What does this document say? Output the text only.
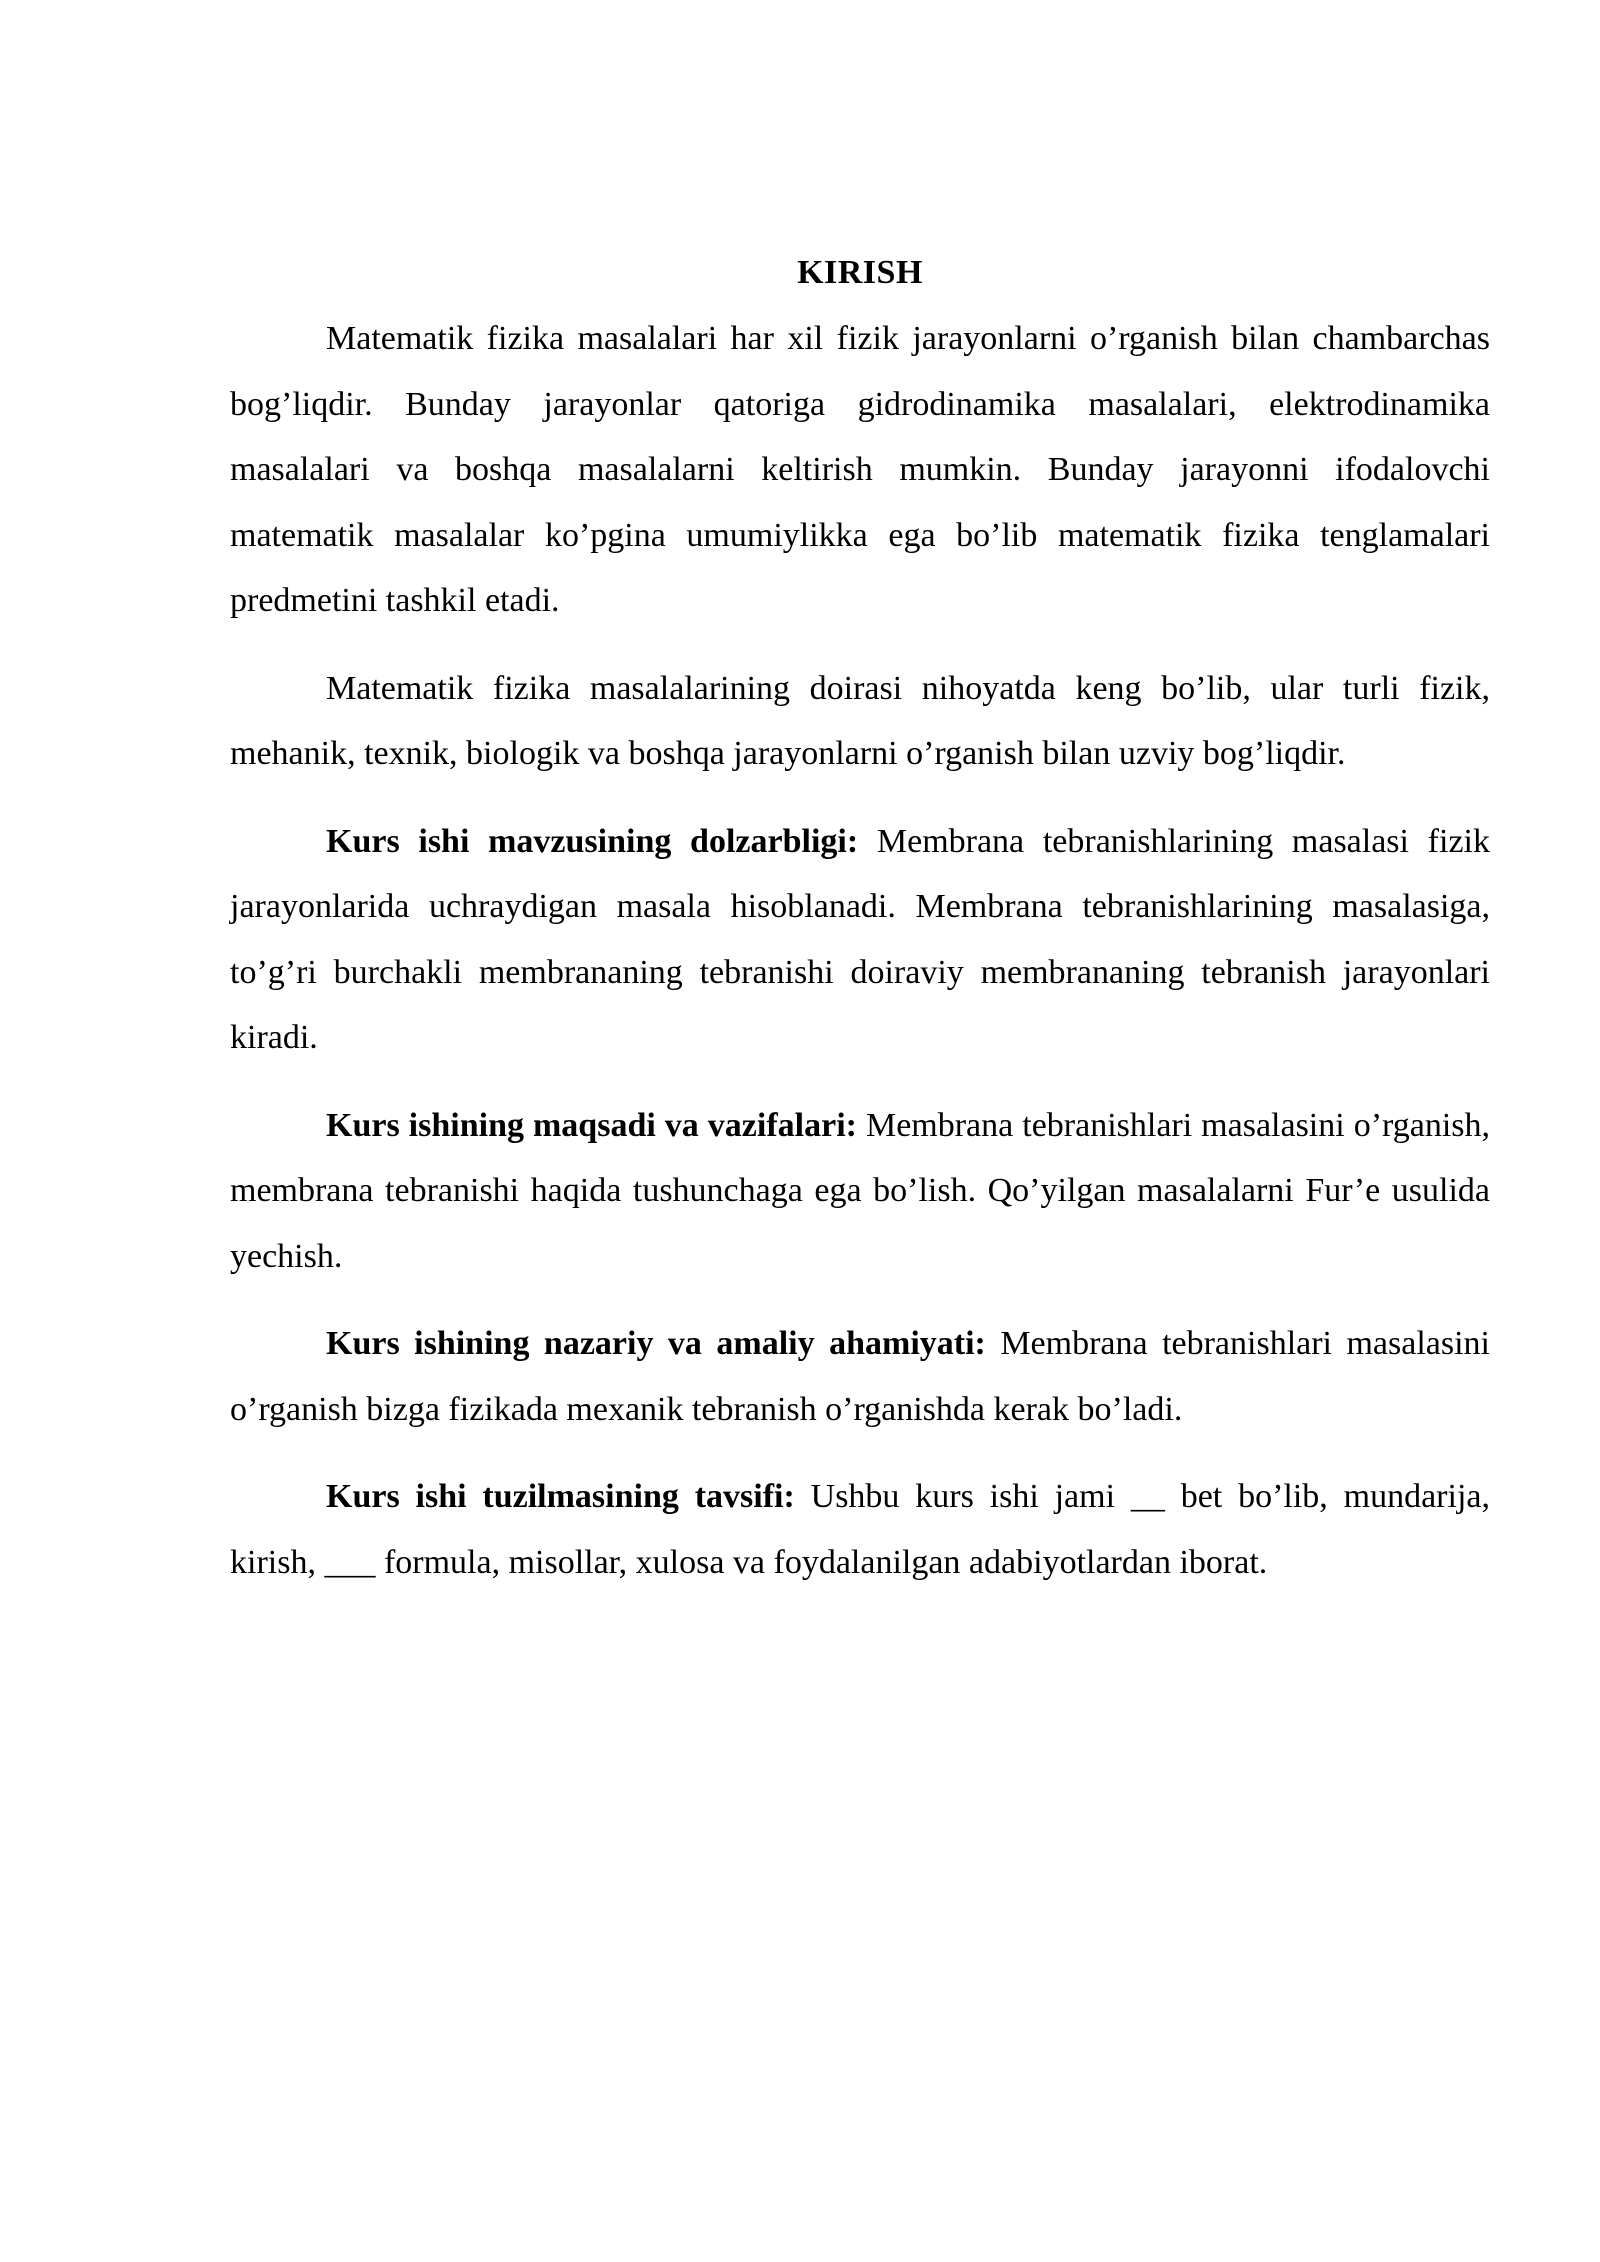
KIRISH

Matematik fizika masalalari har xil fizik jarayonlarni o’rganish bilan chambarchas bog’liqdir. Bunday jarayonlar qatoriga gidrodinamika masalalari, elektrodinamika masalalari va boshqa masalalarni keltirish mumkin. Bunday jarayonni ifodalovchi matematik masalalar ko’pgina umumiylikka ega bo’lib matematik fizika tenglamalari predmetini tashkil etadi.

Matematik fizika masalalarining doirasi nihoyatda keng bo’lib, ular turli fizik, mehanik, texnik, biologik va boshqa jarayonlarni o’rganish bilan uzviy bog’liqdir.

Kurs ishi mavzusining dolzarbligi: Membrana tebranishlarining masalasi fizik jarayonlarida uchraydigan masala hisoblanadi. Membrana tebranishlarining masalasiga, to’g’ri burchakli membrananing tebranishi doiraviy membrananing tebranish jarayonlari kiradi.

Kurs ishining maqsadi va vazifalari: Membrana tebranishlari masalasini o’rganish, membrana tebranishi haqida tushunchaga ega bo’lish. Qo’yilgan masalalarni Fur’e usulida yechish.

Kurs ishining nazariy va amaliy ahamiyati: Membrana tebranishlari masalasini o’rganish bizga fizikada mexanik tebranish o’rganishda kerak bo’ladi.

Kurs ishi tuzilmasining tavsifi: Ushbu kurs ishi jami __ bet bo’lib, mundarija, kirish, ___ formula, misollar, xulosa va foydalanilgan adabiyotlardan iborat.
